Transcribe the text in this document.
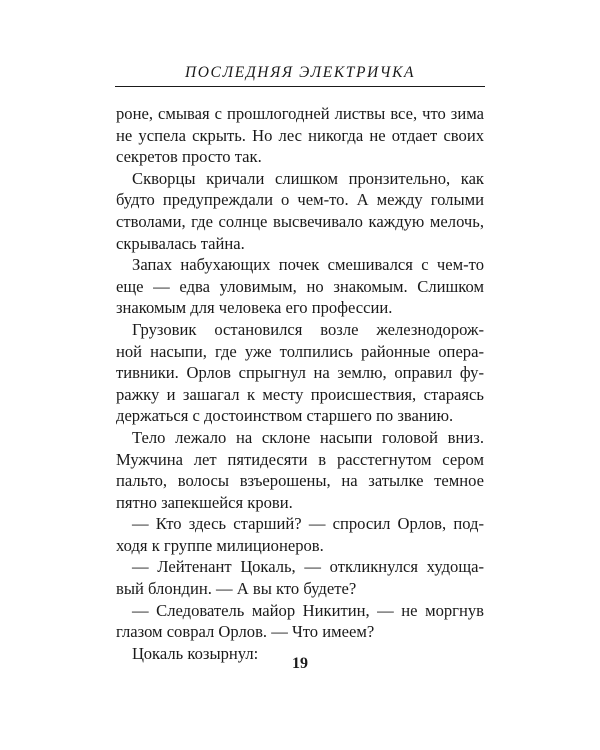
ПОСЛЕДНЯЯ ЭЛЕКТРИЧКА
роне, смывая с прошлогодней листвы все, что зима
не успела скрыть. Но лес никогда не отдает своих
секретов просто так.
Скворцы кричали слишком пронзительно, как
будто предупреждали о чем-то. А между голыми
стволами, где солнце высвечивало каждую мелочь,
скрывалась тайна.
Запах набухающих почек смешивался с чем-то
еще — едва уловимым, но знакомым. Слишком
знакомым для человека его профессии.
Грузовик остановился возле железнодорож-
ной насыпи, где уже толпились районные опера-
тивники. Орлов спрыгнул на землю, оправил фу-
ражку и зашагал к месту происшествия, стараясь
держаться с достоинством старшего по званию.
Тело лежало на склоне насыпи головой вниз.
Мужчина лет пятидесяти в расстегнутом сером
пальто, волосы взъерошены, на затылке темное
пятно запекшейся крови.
— Кто здесь старший? — спросил Орлов, под-
ходя к группе милиционеров.
— Лейтенант Цокаль, — откликнулся худоща-
вый блондин. — А вы кто будете?
— Следователь майор Никитин, — не моргнув
глазом соврал Орлов. — Что имеем?
Цокаль козырнул:
19
